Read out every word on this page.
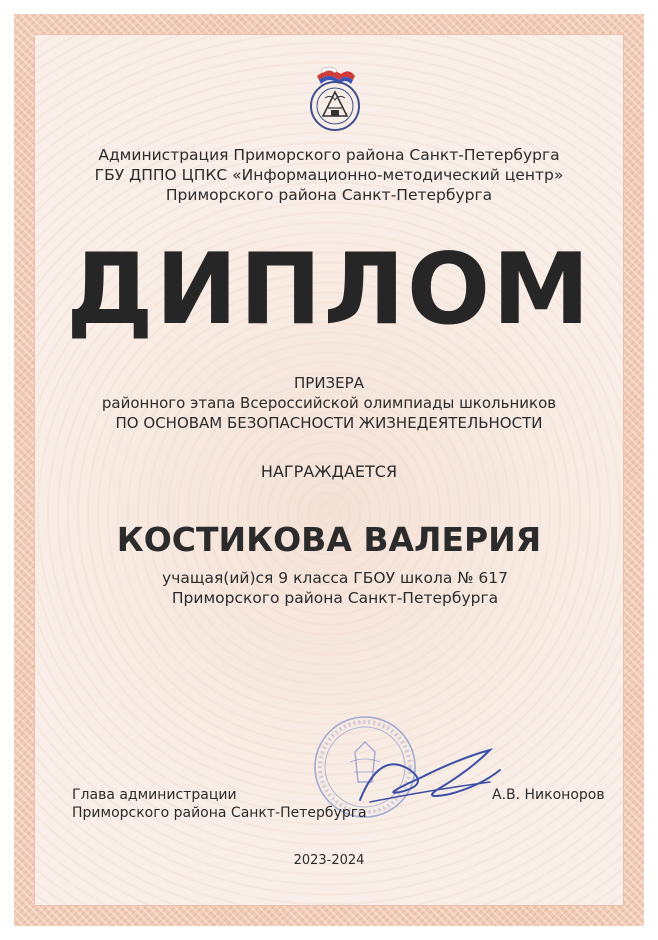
Администрация Приморского района Санкт-Петербурга
ГБУ ДППО ЦПКС «Информационно-методический центр»
Приморского района Санкт-Петербурга
ДИПЛОМ
ПРИЗЕРА
районного этапа Всероссийской олимпиады школьников
ПО ОСНОВАМ БЕЗОПАСНОСТИ ЖИЗНЕДЕЯТЕЛЬНОСТИ
НАГРАЖДАЕТСЯ
КОСТИКОВА ВАЛЕРИЯ
учащая(ий)ся 9 класса ГБОУ школа № 617
Приморского района Санкт-Петербурга
Глава администрации
Приморского района Санкт-Петербурга
А.В. Никоноров
2023-2024
